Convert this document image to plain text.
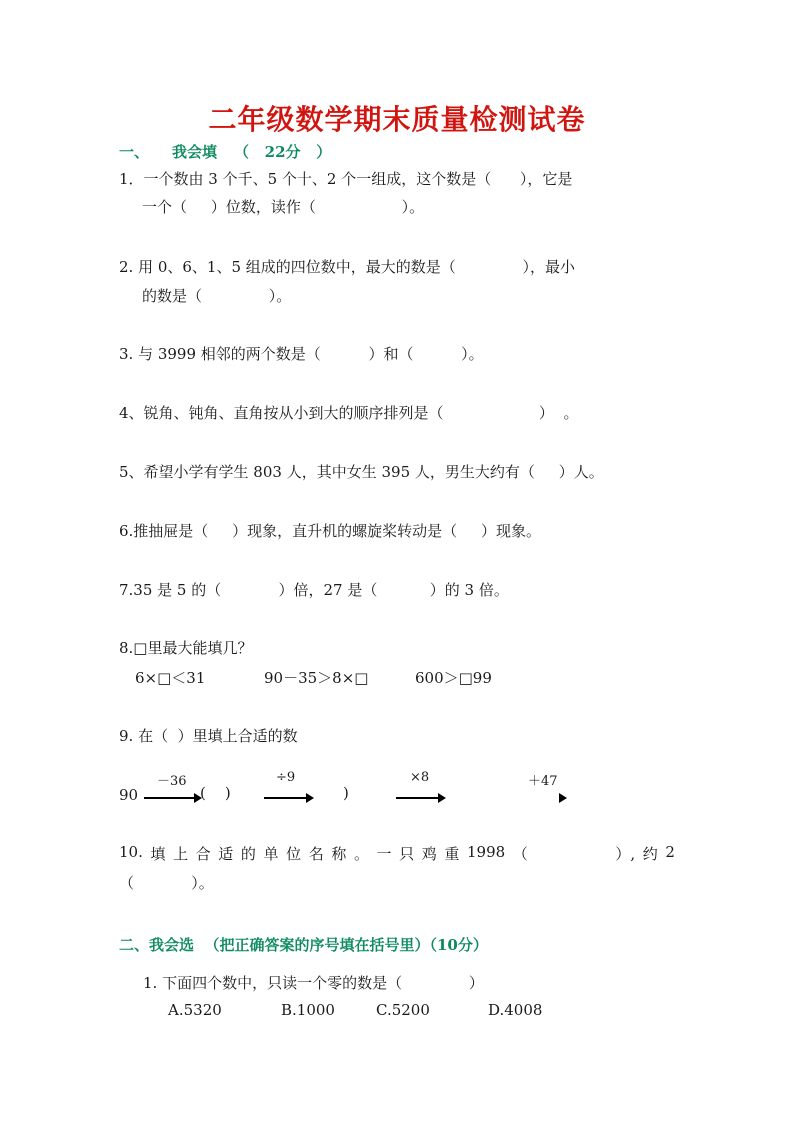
二年级数学期末质量检测试卷
一、 我会填 （   22分   ）
1．一个数由 3 个千、5 个十、2 个一组成，这个数是（      ），它是
一个（     ）位数，读作（                  ）。
2. 用 0、6、1、5 组成的四位数中，最大的数是（              ），最小
的数是（              ）。
3. 与 3999 相邻的两个数是（          ）和（          ）。
4、锐角、钝角、直角按从小到大的顺序排列是（                    ）  。
5、希望小学有学生 803 人，其中女生 395 人，男生大约有（     ）人。
6.推抽屉是（     ）现象，直升机的螺旋桨转动是（     ）现象。
7.35 是 5 的（            ）倍，27 是（           ）的 3 倍。
8.□里最大能填几？
6×□＜31	90－35＞8×□	600＞□99
9. 在（  ）里填上合适的数
90
－36
(    )
÷9
)
×8	＋47
10. 填 上 合 适 的 单 位 名 称 。 一 只 鸡 重 1998 （	）, 约 2
（            ）。
二、我会选  （把正确答案的序号填在括号里）（10分）
1. 下面四个数中，只读一个零的数是（              ）
A.5320	B.1000	C.5200	D.4008
